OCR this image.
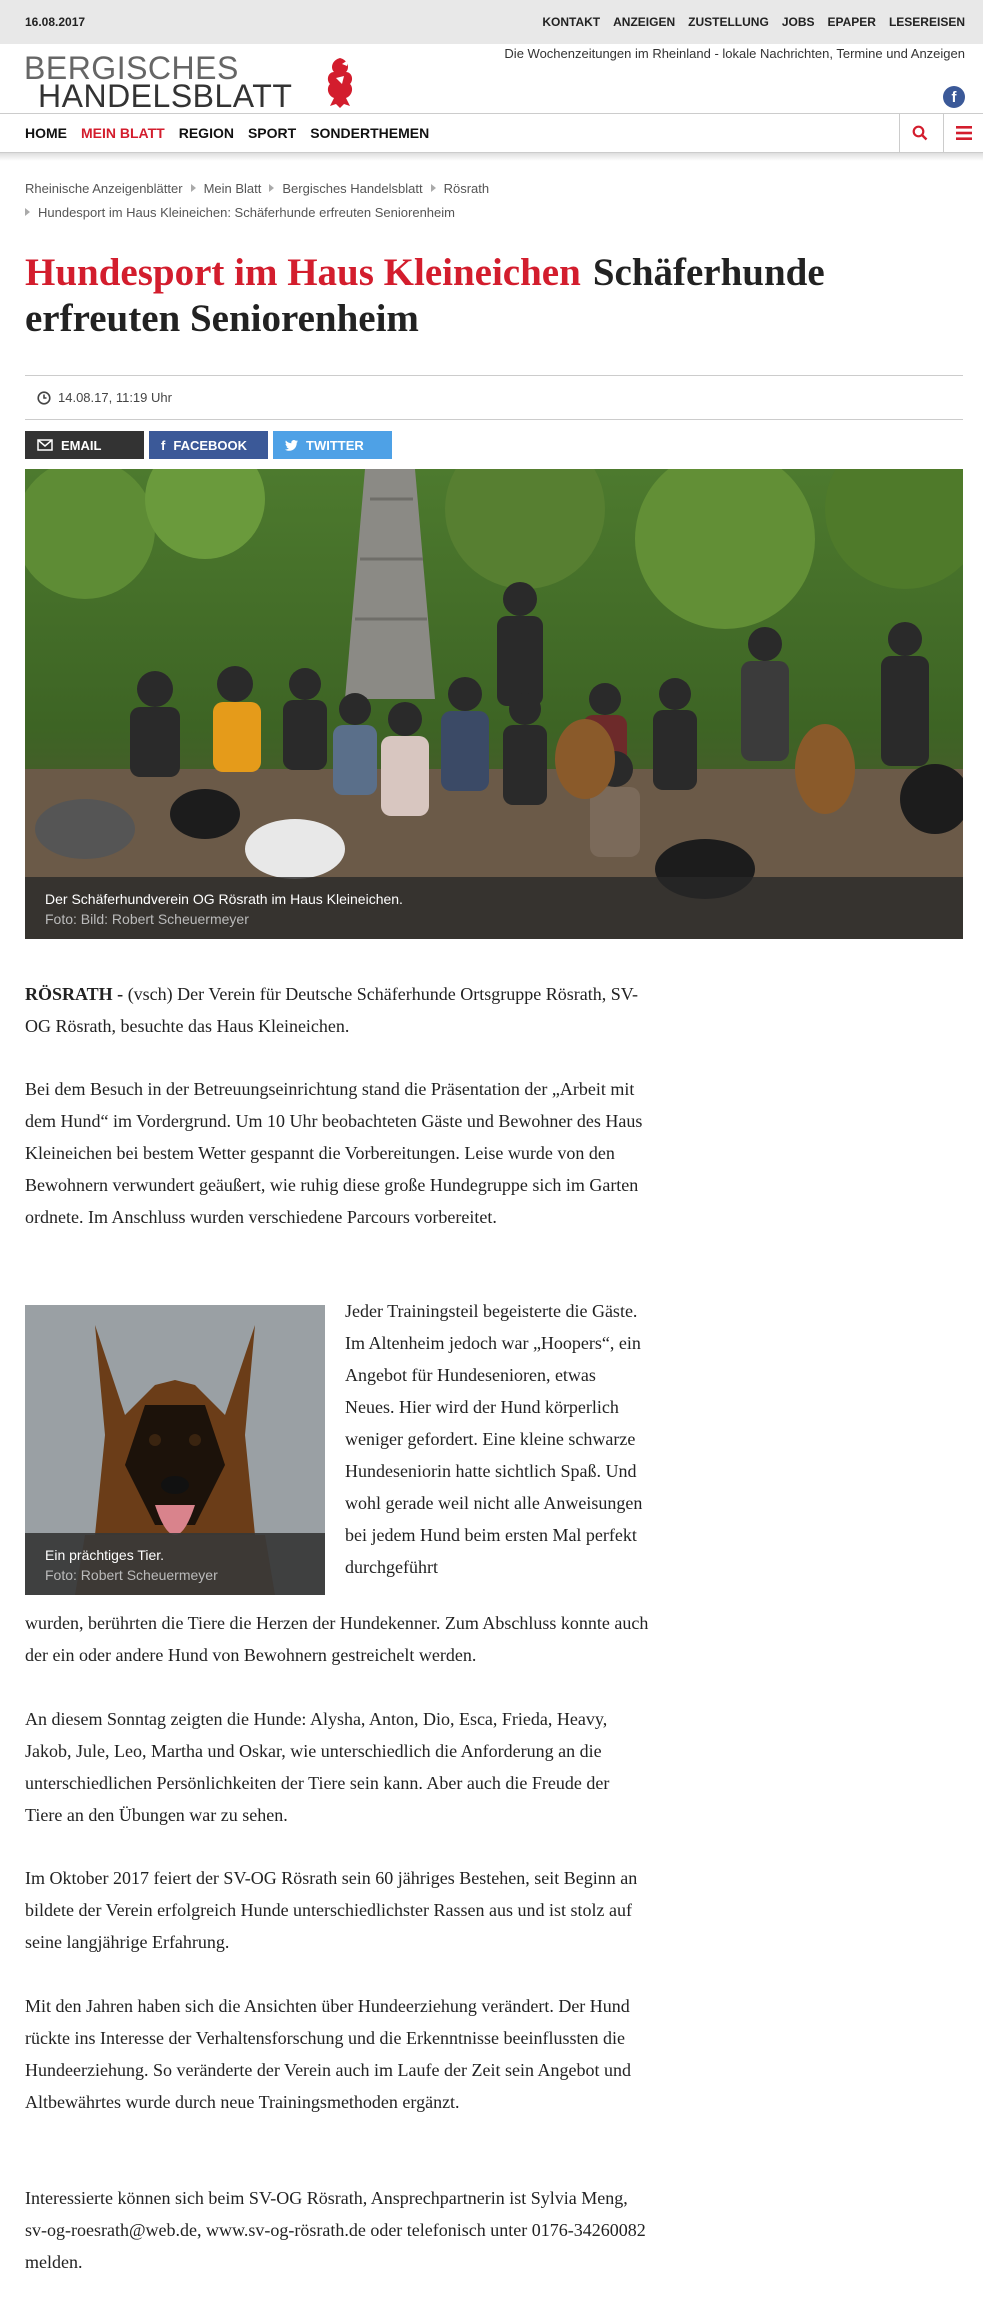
16.08.2017	KONTAKT ANZEIGEN ZUSTELLUNG JOBS EPAPER LESEREISEN
BERGISCHES
HANDELSBLATT
Die Wochenzeitungen im Rheinland - lokale Nachrichten, Termine und Anzeigen
f
HOME MEIN BLATT REGION SPORT SONDERTHEMEN
Rheinische Anzeigenblätter Mein Blatt Bergisches Handelsblatt Rösrath
Hundesport im Haus Kleineichen: Schäferhunde erfreuten Seniorenheim
Hundesport im Haus Kleineichen Schäferhunde erfreuten Seniorenheim
14.08.17, 11:19 Uhr
EMAIL	f FACEBOOK	TWITTER
Der Schäferhundverein OG Rösrath im Haus Kleineichen.
Foto: Bild: Robert Scheuermeyer

RÖSRATH - (vsch) Der Verein für Deutsche Schäferhunde Ortsgruppe Rösrath, SV-OG Rösrath, besuchte das Haus Kleineichen.

Bei dem Besuch in der Betreuungseinrichtung stand die Präsentation der „Arbeit mit dem Hund“ im Vordergrund. Um 10 Uhr beobachteten Gäste und Bewohner des Haus Kleineichen bei bestem Wetter gespannt die Vorbereitungen. Leise wurde von den Bewohnern verwundert geäußert, wie ruhig diese große Hundegruppe sich im Garten ordnete. Im Anschluss wurden verschiedene Parcours vorbereitet.

Ein prächtiges Tier.
Foto: Robert Scheuermeyer

Jeder Trainingsteil begeisterte die Gäste. Im Altenheim jedoch war „Hoopers“, ein Angebot für Hundesenioren, etwas Neues. Hier wird der Hund körperlich weniger gefordert. Eine kleine schwarze Hundeseniorin hatte sichtlich Spaß. Und wohl gerade weil nicht alle Anweisungen bei jedem Hund beim ersten Mal perfekt durchgeführt

wurden, berührten die Tiere die Herzen der Hundekenner. Zum Abschluss konnte auch der ein oder andere Hund von Bewohnern gestreichelt werden.

An diesem Sonntag zeigten die Hunde: Alysha, Anton, Dio, Esca, Frieda, Heavy, Jakob, Jule, Leo, Martha und Oskar, wie unterschiedlich die Anforderung an die unterschiedlichen Persönlichkeiten der Tiere sein kann. Aber auch die Freude der Tiere an den Übungen war zu sehen.

Im Oktober 2017 feiert der SV-OG Rösrath sein 60 jähriges Bestehen, seit Beginn an bildete der Verein erfolgreich Hunde unterschiedlichster Rassen aus und ist stolz auf seine langjährige Erfahrung.

Mit den Jahren haben sich die Ansichten über Hundeerziehung verändert. Der Hund rückte ins Interesse der Verhaltensforschung und die Erkenntnisse beeinflussten die Hundeerziehung. So veränderte der Verein auch im Laufe der Zeit sein Angebot und Altbewährtes wurde durch neue Trainingsmethoden ergänzt.

Interessierte können sich beim SV-OG Rösrath, Ansprechpartnerin ist Sylvia Meng, sv-og-roesrath@web.de, www.sv-og-rösrath.de oder telefonisch unter 0176-34260082 melden.
